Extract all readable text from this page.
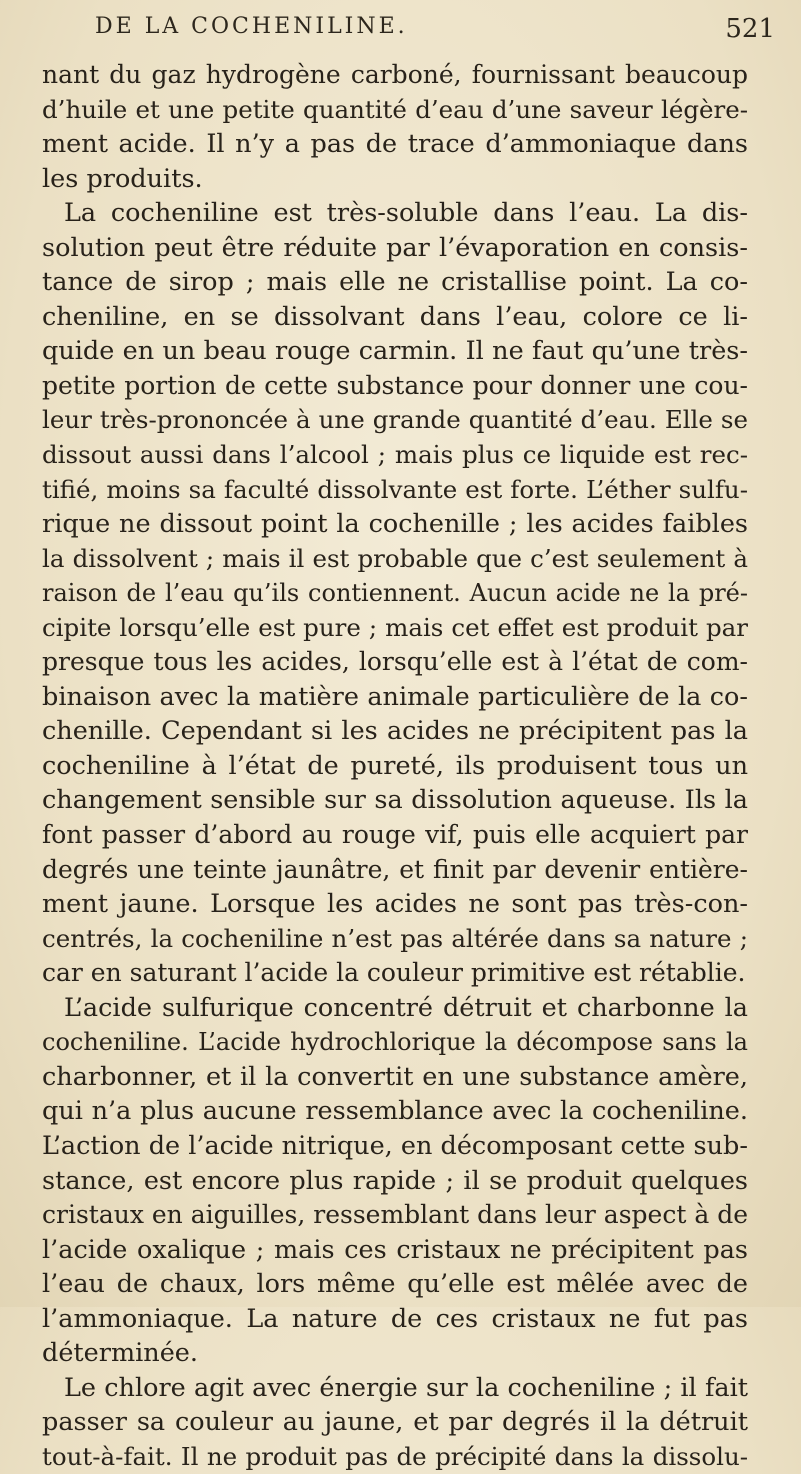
DE LA COCHENILINE.	521
nant du gaz hydrogène carboné, fournissant beaucoup
d’huile et une petite quantité d’eau d’une saveur légère-
ment acide. Il n’y a pas de trace d’ammoniaque dans
les produits.
La cocheniline est très-soluble dans l’eau. La dis-
solution peut être réduite par l’évaporation en consis-
tance de sirop ; mais elle ne cristallise point. La co-
cheniline, en se dissolvant dans l’eau, colore ce li-
quide en un beau rouge carmin. Il ne faut qu’une très-
petite portion de cette substance pour donner une cou-
leur très-prononcée à une grande quantité d’eau. Elle se
dissout aussi dans l’alcool ; mais plus ce liquide est rec-
tifié, moins sa faculté dissolvante est forte. L’éther sulfu-
rique ne dissout point la cochenille ; les acides faibles
la dissolvent ; mais il est probable que c’est seulement à
raison de l’eau qu’ils contiennent. Aucun acide ne la pré-
cipite lorsqu’elle est pure ; mais cet effet est produit par
presque tous les acides, lorsqu’elle est à l’état de com-
binaison avec la matière animale particulière de la co-
chenille. Cependant si les acides ne précipitent pas la
cocheniline à l’état de pureté, ils produisent tous un
changement sensible sur sa dissolution aqueuse. Ils la
font passer d’abord au rouge vif, puis elle acquiert par
degrés une teinte jaunâtre, et finit par devenir entière-
ment jaune. Lorsque les acides ne sont pas très-con-
centrés, la cocheniline n’est pas altérée dans sa nature ;
car en saturant l’acide la couleur primitive est rétablie.
L’acide sulfurique concentré détruit et charbonne la
cocheniline. L’acide hydrochlorique la décompose sans la
charbonner, et il la convertit en une substance amère,
qui n’a plus aucune ressemblance avec la cocheniline.
L’action de l’acide nitrique, en décomposant cette sub-
stance, est encore plus rapide ; il se produit quelques
cristaux en aiguilles, ressemblant dans leur aspect à de
l’acide oxalique ; mais ces cristaux ne précipitent pas
l’eau de chaux, lors même qu’elle est mêlée avec de
l’ammoniaque. La nature de ces cristaux ne fut pas
déterminée.
Le chlore agit avec énergie sur la cocheniline ; il fait
passer sa couleur au jaune, et par degrés il la détruit
tout-à-fait. Il ne produit pas de précipité dans la dissolu-
